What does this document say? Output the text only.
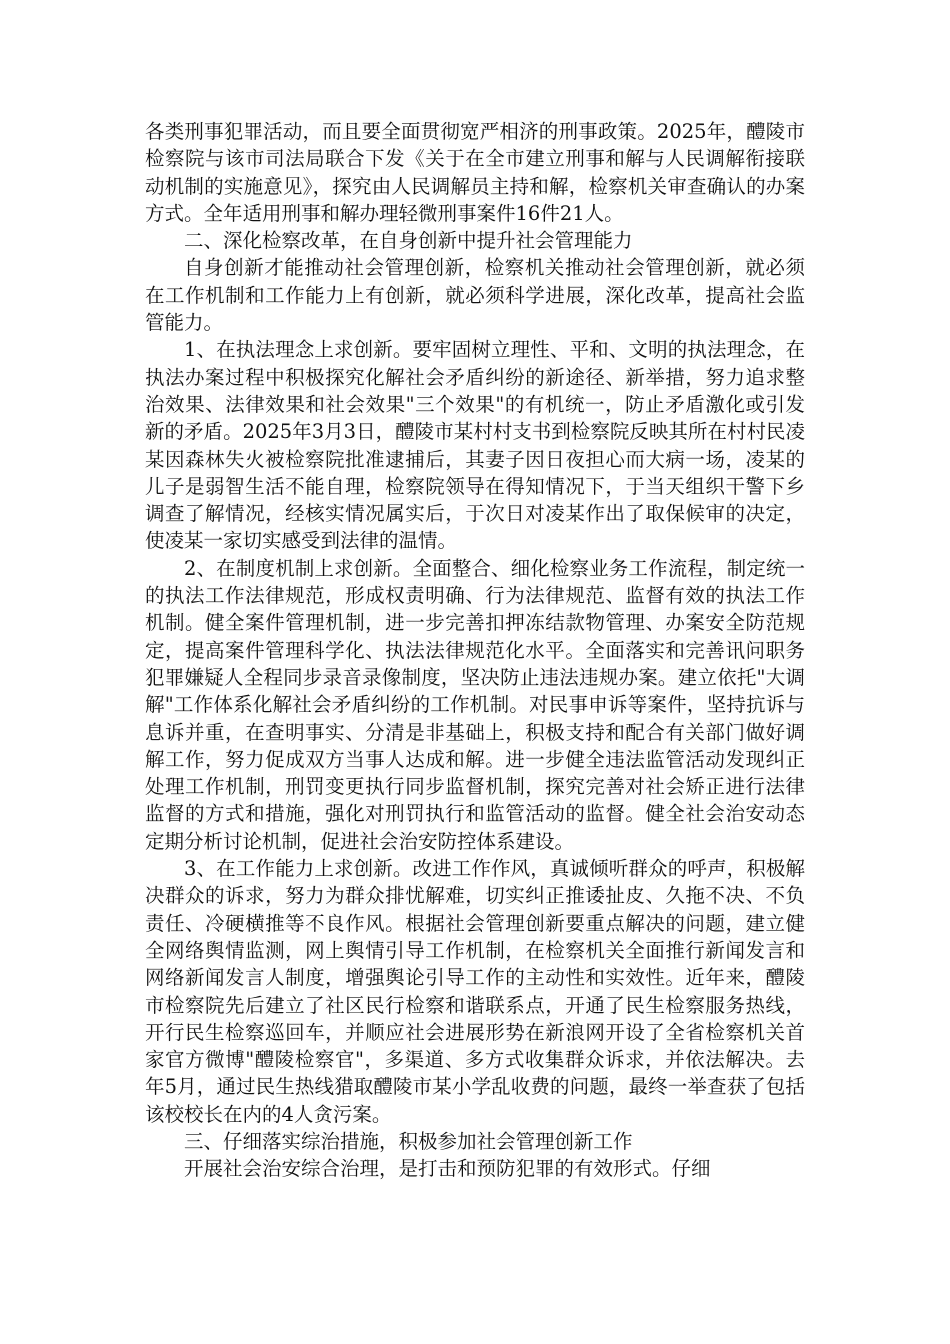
各类刑事犯罪活动，而且要全面贯彻宽严相济的刑事政策。2025年，醴陵市检察院与该市司法局联合下发《关于在全市建立刑事和解与人民调解衔接联动机制的实施意见》，探究由人民调解员主持和解，检察机关审查确认的办案方式。全年适用刑事和解办理轻微刑事案件16件21人。

二、深化检察改革，在自身创新中提升社会管理能力

自身创新才能推动社会管理创新，检察机关推动社会管理创新，就必须在工作机制和工作能力上有创新，就必须科学进展，深化改革，提高社会监管能力。

1、在执法理念上求创新。要牢固树立理性、平和、文明的执法理念，在执法办案过程中积极探究化解社会矛盾纠纷的新途径、新举措，努力追求整治效果、法律效果和社会效果"三个效果"的有机统一，防止矛盾激化或引发新的矛盾。2025年3月3日，醴陵市某村村支书到检察院反映其所在村村民凌某因森林失火被检察院批准逮捕后，其妻子因日夜担心而大病一场，凌某的儿子是弱智生活不能自理，检察院领导在得知情况下，于当天组织干警下乡调查了解情况，经核实情况属实后，于次日对凌某作出了取保候审的决定，使凌某一家切实感受到法律的温情。

2、在制度机制上求创新。全面整合、细化检察业务工作流程，制定统一的执法工作法律规范，形成权责明确、行为法律规范、监督有效的执法工作机制。健全案件管理机制，进一步完善扣押冻结款物管理、办案安全防范规定，提高案件管理科学化、执法法律规范化水平。全面落实和完善讯问职务犯罪嫌疑人全程同步录音录像制度，坚决防止违法违规办案。建立依托"大调解"工作体系化解社会矛盾纠纷的工作机制。对民事申诉等案件，坚持抗诉与息诉并重，在查明事实、分清是非基础上，积极支持和配合有关部门做好调解工作，努力促成双方当事人达成和解。进一步健全违法监管活动发现纠正处理工作机制，刑罚变更执行同步监督机制，探究完善对社会矫正进行法律监督的方式和措施，强化对刑罚执行和监管活动的监督。健全社会治安动态定期分析讨论机制，促进社会治安防控体系建设。

3、在工作能力上求创新。改进工作作风，真诚倾听群众的呼声，积极解决群众的诉求，努力为群众排忧解难，切实纠正推诿扯皮、久拖不决、不负责任、冷硬横推等不良作风。根据社会管理创新要重点解决的问题，建立健全网络舆情监测，网上舆情引导工作机制，在检察机关全面推行新闻发言和网络新闻发言人制度，增强舆论引导工作的主动性和实效性。近年来，醴陵市检察院先后建立了社区民行检察和谐联系点，开通了民生检察服务热线，开行民生检察巡回车，并顺应社会进展形势在新浪网开设了全省检察机关首家官方微博"醴陵检察官"，多渠道、多方式收集群众诉求，并依法解决。去年5月，通过民生热线猎取醴陵市某小学乱收费的问题，最终一举查获了包括该校校长在内的4人贪污案。

三、仔细落实综治措施，积极参加社会管理创新工作

开展社会治安综合治理，是打击和预防犯罪的有效形式。仔细
